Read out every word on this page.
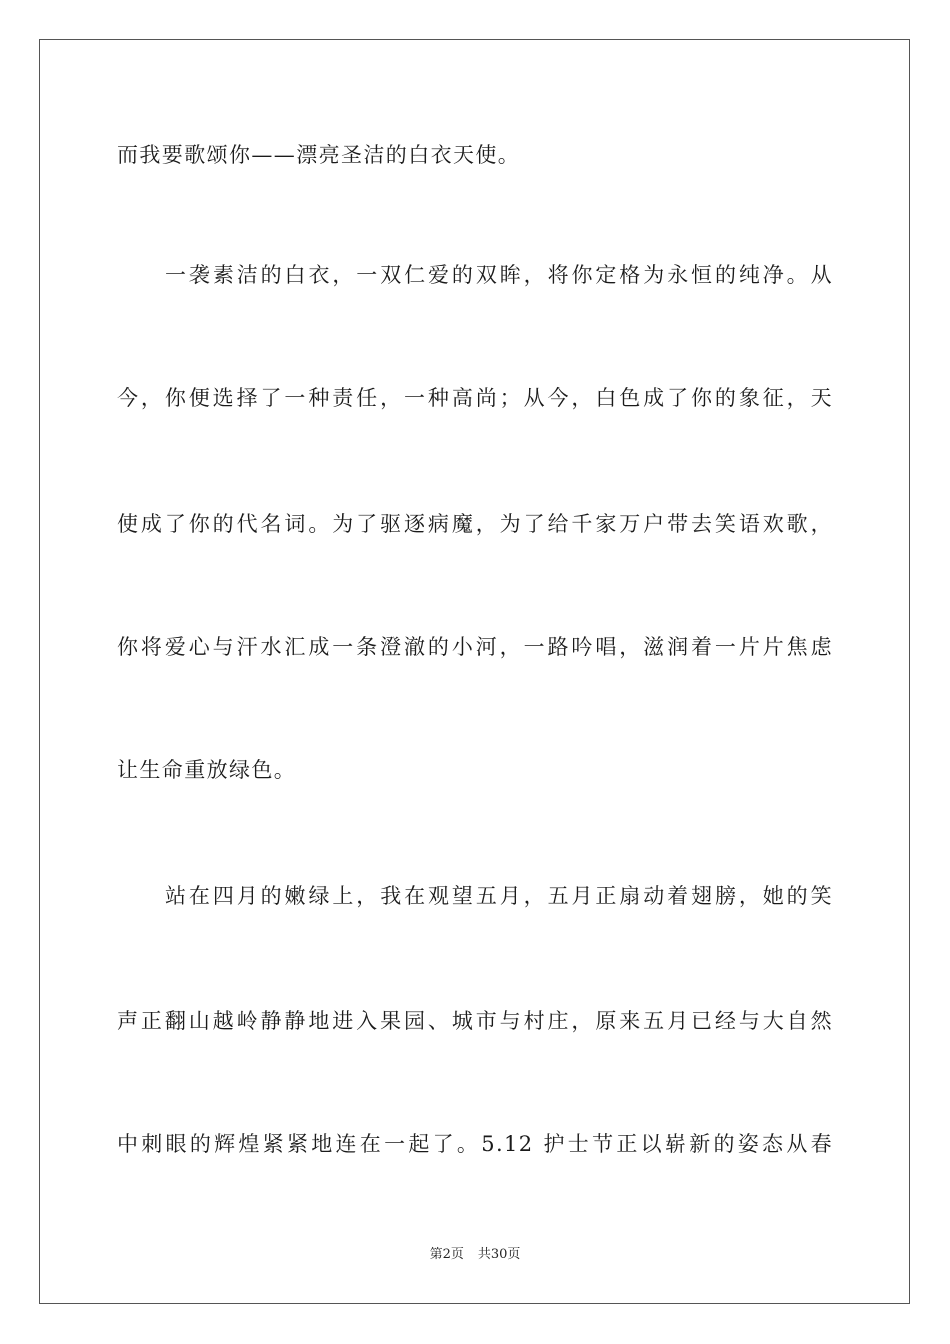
而我要歌颂你——漂亮圣洁的白衣天使。
一袭素洁的白衣，一双仁爱的双眸，将你定格为永恒的纯净。从
今，你便选择了一种责任，一种高尚；从今，白色成了你的象征，天
使成了你的代名词。为了驱逐病魔，为了给千家万户带去笑语欢歌，
你将爱心与汗水汇成一条澄澈的小河，一路吟唱，滋润着一片片焦虑
让生命重放绿色。
站在四月的嫩绿上，我在观望五月，五月正扇动着翅膀，她的笑
声正翻山越岭静静地进入果园、城市与村庄，原来五月已经与大自然
中刺眼的辉煌紧紧地连在一起了。5.12 护士节正以崭新的姿态从春
第2页 共30页
